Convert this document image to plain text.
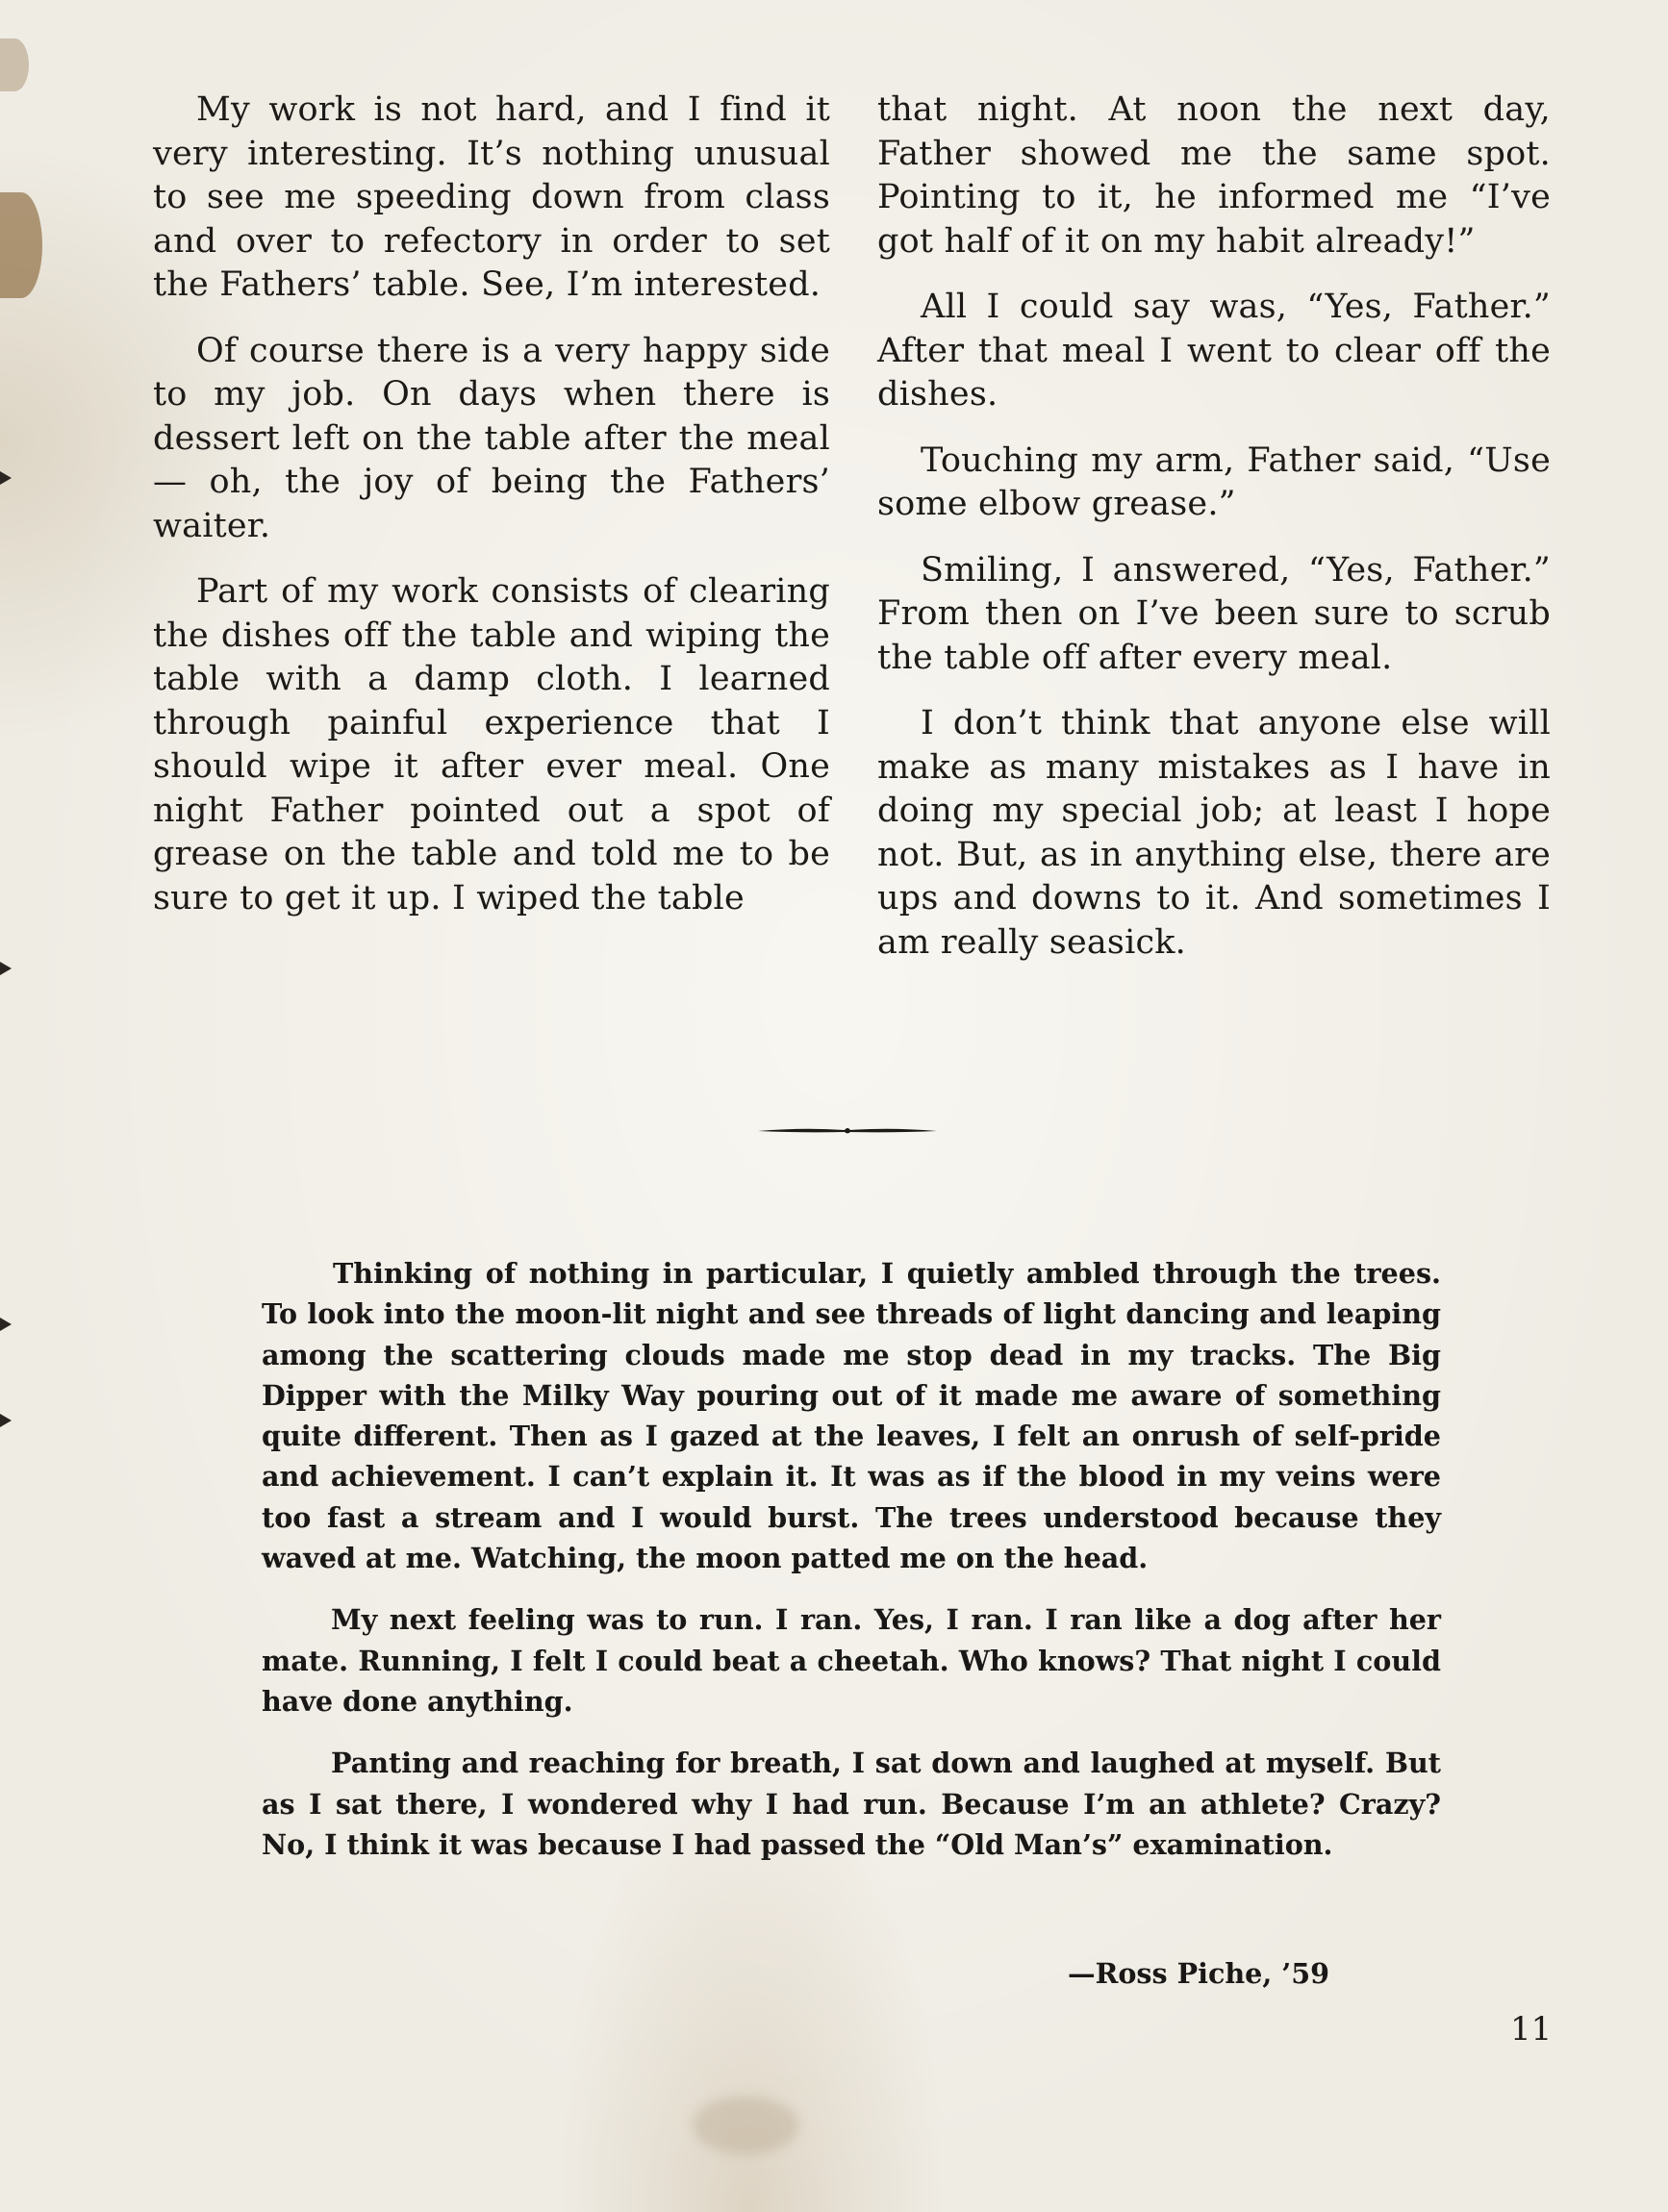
My work is not hard, and I find it very interesting. It’s nothing unusual to see me speeding down from class and over to refectory in order to set the Fathers’ table. See, I’m interested.

Of course there is a very happy side to my job. On days when there is dessert left on the table after the meal — oh, the joy of being the Fathers’ waiter.

Part of my work consists of clearing the dishes off the table and wiping the table with a damp cloth. I learned through painful experience that I should wipe it after ever meal. One night Father pointed out a spot of grease on the table and told me to be sure to get it up. I wiped the table

that night. At noon the next day, Father showed me the same spot. Pointing to it, he informed me “I’ve got half of it on my habit already!”

All I could say was, “Yes, Father.” After that meal I went to clear off the dishes.

Touching my arm, Father said, “Use some elbow grease.”

Smiling, I answered, “Yes, Father.” From then on I’ve been sure to scrub the table off after every meal.

I don’t think that anyone else will make as many mistakes as I have in doing my special job; at least I hope not. But, as in anything else, there are ups and downs to it. And sometimes I am really seasick.

Thinking of nothing in particular, I quietly ambled through the trees. To look into the moon-lit night and see threads of light dancing and leaping among the scattering clouds made me stop dead in my tracks. The Big Dipper with the Milky Way pouring out of it made me aware of something quite different. Then as I gazed at the leaves, I felt an onrush of self-pride and achievement. I can’t explain it. It was as if the blood in my veins were too fast a stream and I would burst. The trees understood because they waved at me. Watching, the moon patted me on the head.

My next feeling was to run. I ran. Yes, I ran. I ran like a dog after her mate. Running, I felt I could beat a cheetah. Who knows? That night I could have done anything.

Panting and reaching for breath, I sat down and laughed at myself. But as I sat there, I wondered why I had run. Because I’m an athlete? Crazy? No, I think it was because I had passed the “Old Man’s” examination.

—Ross Piche, ’59
11
